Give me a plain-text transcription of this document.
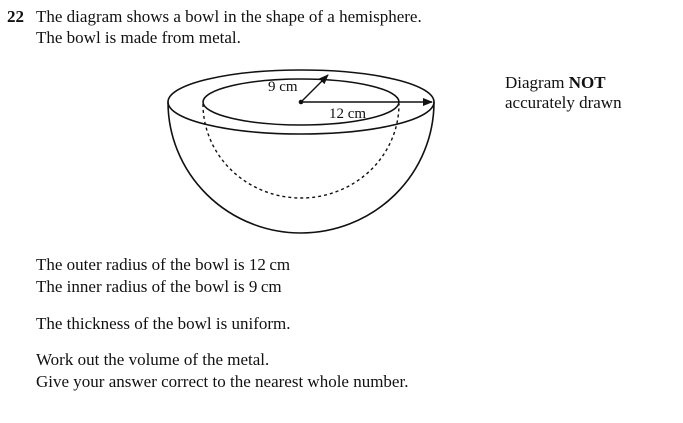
22 The diagram shows a bowl in the shape of a hemisphere.
The bowl is made from metal.
9 cm
12 cm
Diagram NOT
accurately drawn
The outer radius of the bowl is 12 cm
The inner radius of the bowl is 9 cm
The thickness of the bowl is uniform.
Work out the volume of the metal.
Give your answer correct to the nearest whole number.
